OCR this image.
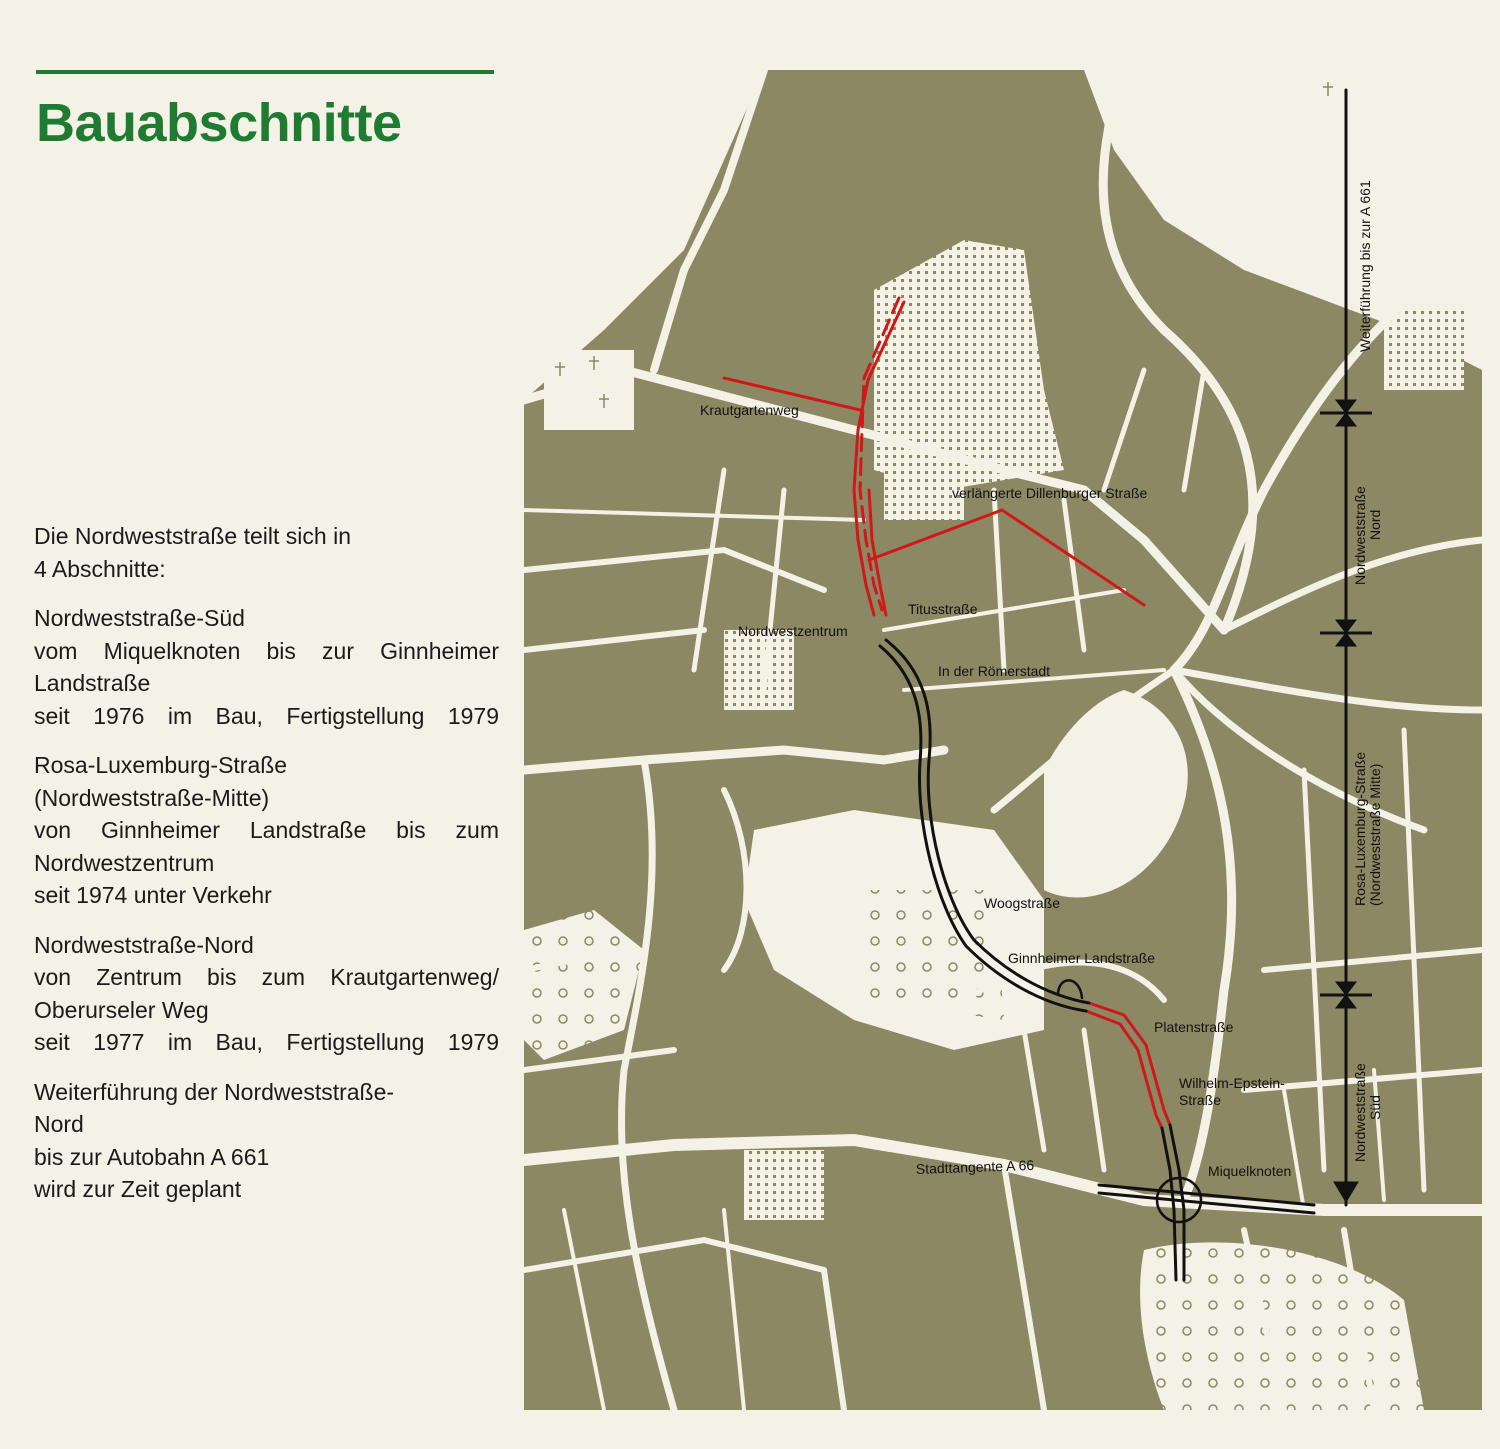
Bauabschnitte

Die Nordweststraße teilt sich in
4 Abschnitte:

Nordweststraße-Süd
vom Miquelknoten bis zur Ginnheimer
Landstraße
seit 1976 im Bau, Fertigstellung 1979

Rosa-Luxemburg-Straße
(Nordweststraße-Mitte)
von Ginnheimer Landstraße bis zum
Nordwestzentrum
seit 1974 unter Verkehr

Nordweststraße-Nord
von Zentrum bis zum Krautgartenweg/
Oberurseler Weg
seit 1977 im Bau, Fertigstellung 1979

Weiterführung der Nordweststraße-
Nord
bis zur Autobahn A 661
wird zur Zeit geplant

Krautgartenweg
verlängerte Dillenburger Straße
Titusstraße
Nordwestzentrum
In der Römerstadt
Woogstraße
Ginnheimer Landstraße
Platenstraße
Wilhelm-Epstein-
Straße
Miquelknoten
Stadttangente A 66
Weiterführung bis zur A 661
Nordweststraße Nord
Rosa-Luxemburg-Straße (Nordweststraße Mitte)
Nordweststraße Süd
